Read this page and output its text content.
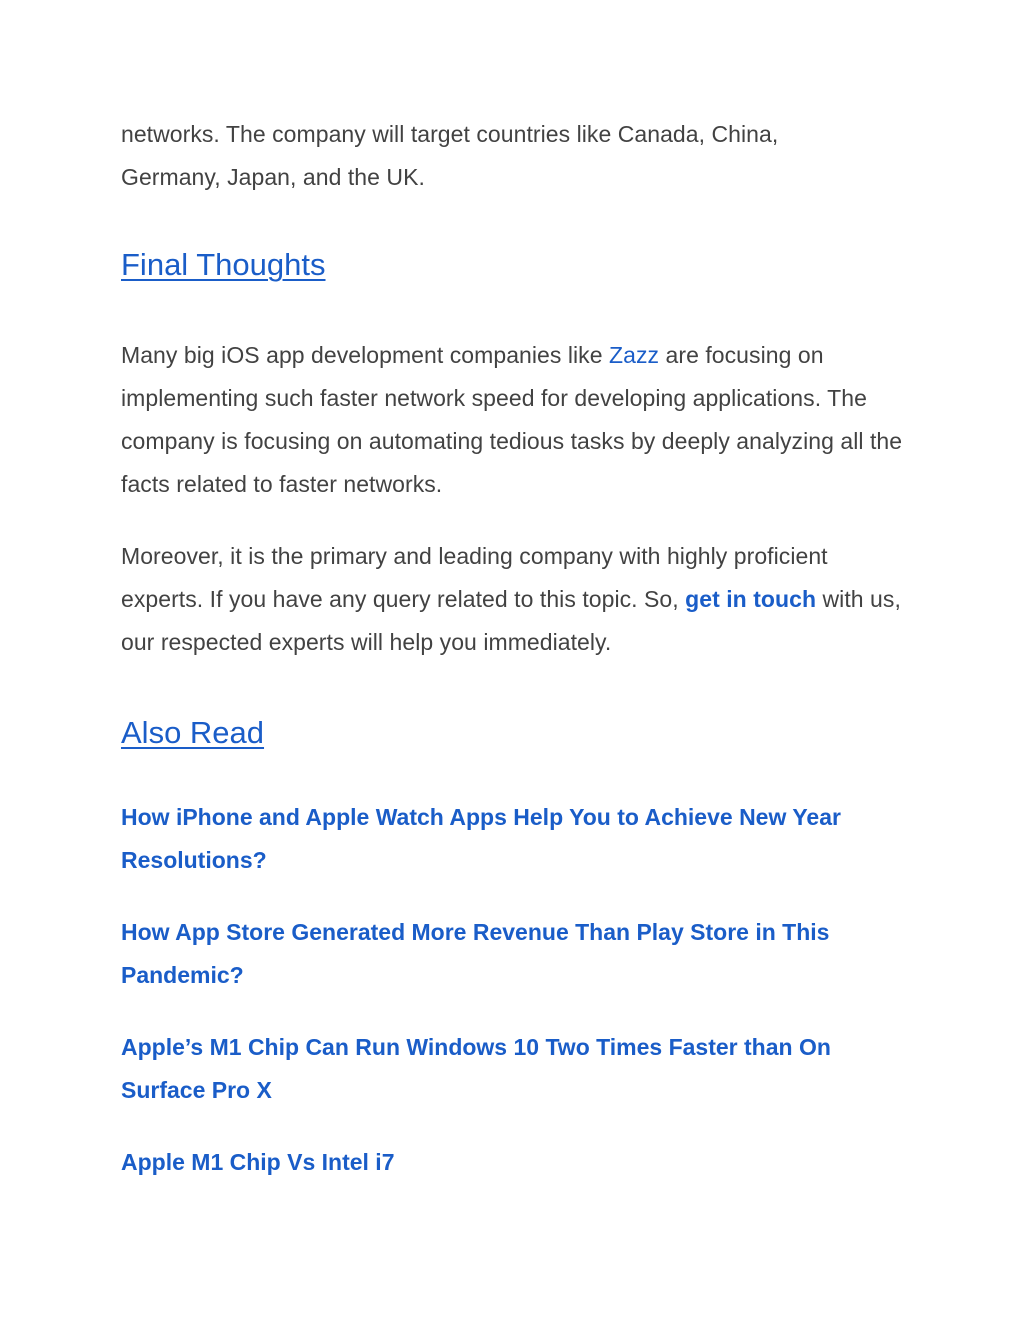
networks. The company will target countries like Canada, China,
Germany, Japan, and the UK.

Final Thoughts

Many big iOS app development companies like Zazz are focusing on implementing such faster network speed for developing applications. The company is focusing on automating tedious tasks by deeply analyzing all the facts related to faster networks.

Moreover, it is the primary and leading company with highly proficient experts. If you have any query related to this topic. So, get in touch with us, our respected experts will help you immediately.

Also Read

How iPhone and Apple Watch Apps Help You to Achieve New Year Resolutions?

How App Store Generated More Revenue Than Play Store in This Pandemic?

Apple’s M1 Chip Can Run Windows 10 Two Times Faster than On Surface Pro X

Apple M1 Chip Vs Intel i7
